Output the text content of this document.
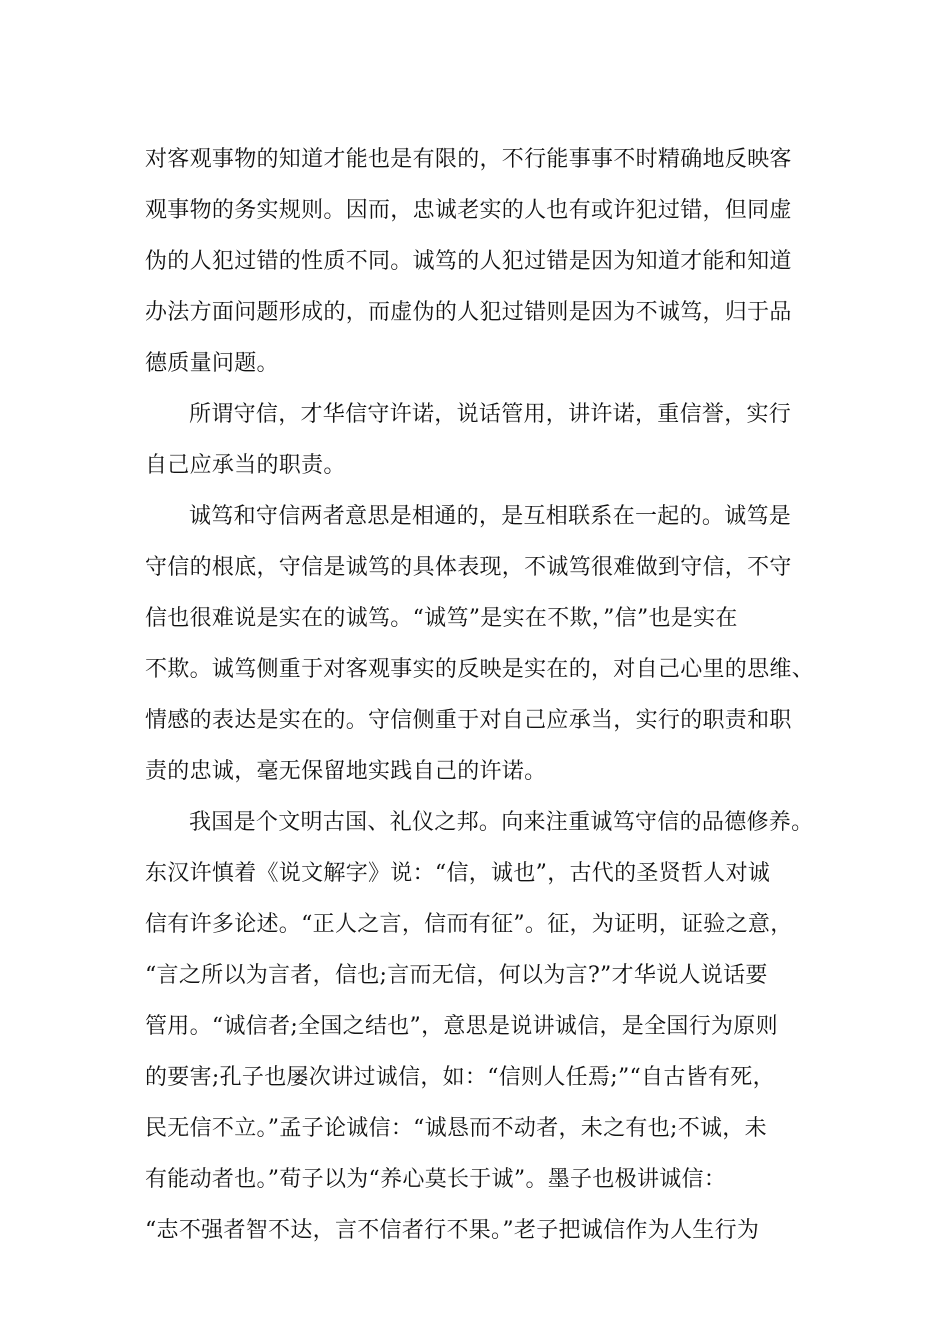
对客观事物的知道才能也是有限的，不行能事事不时精确地反映客
观事物的务实规则。因而，忠诚老实的人也有或许犯过错，但同虚
伪的人犯过错的性质不同。诚笃的人犯过错是因为知道才能和知道
办法方面问题形成的，而虚伪的人犯过错则是因为不诚笃，归于品
德质量问题。
所谓守信，才华信守许诺，说话管用，讲许诺，重信誉，实行
自己应承当的职责。
诚笃和守信两者意思是相通的，是互相联系在一起的。诚笃是
守信的根底，守信是诚笃的具体表现，不诚笃很难做到守信，不守
信也很难说是实在的诚笃。“诚笃”是实在不欺，”信”也是实在
不欺。诚笃侧重于对客观事实的反映是实在的，对自己心里的思维、
情感的表达是实在的。守信侧重于对自己应承当，实行的职责和职
责的忠诚，毫无保留地实践自己的许诺。
我国是个文明古国、礼仪之邦。向来注重诚笃守信的品德修养。
东汉许慎着《说文解字》说：“信，诚也”，古代的圣贤哲人对诚
信有许多论述。“正人之言，信而有征”。征，为证明，证验之意，
“言之所以为言者，信也;言而无信，何以为言?”才华说人说话要
管用。“诚信者;全国之结也”，意思是说讲诚信，是全国行为原则
的要害;孔子也屡次讲过诚信，如：“信则人任焉;”“自古皆有死，
民无信不立。”孟子论诚信：“诚恳而不动者，未之有也;不诚，未
有能动者也。”荀子以为“养心莫长于诚”。墨子也极讲诚信：
“志不强者智不达，言不信者行不果。”老子把诚信作为人生行为
